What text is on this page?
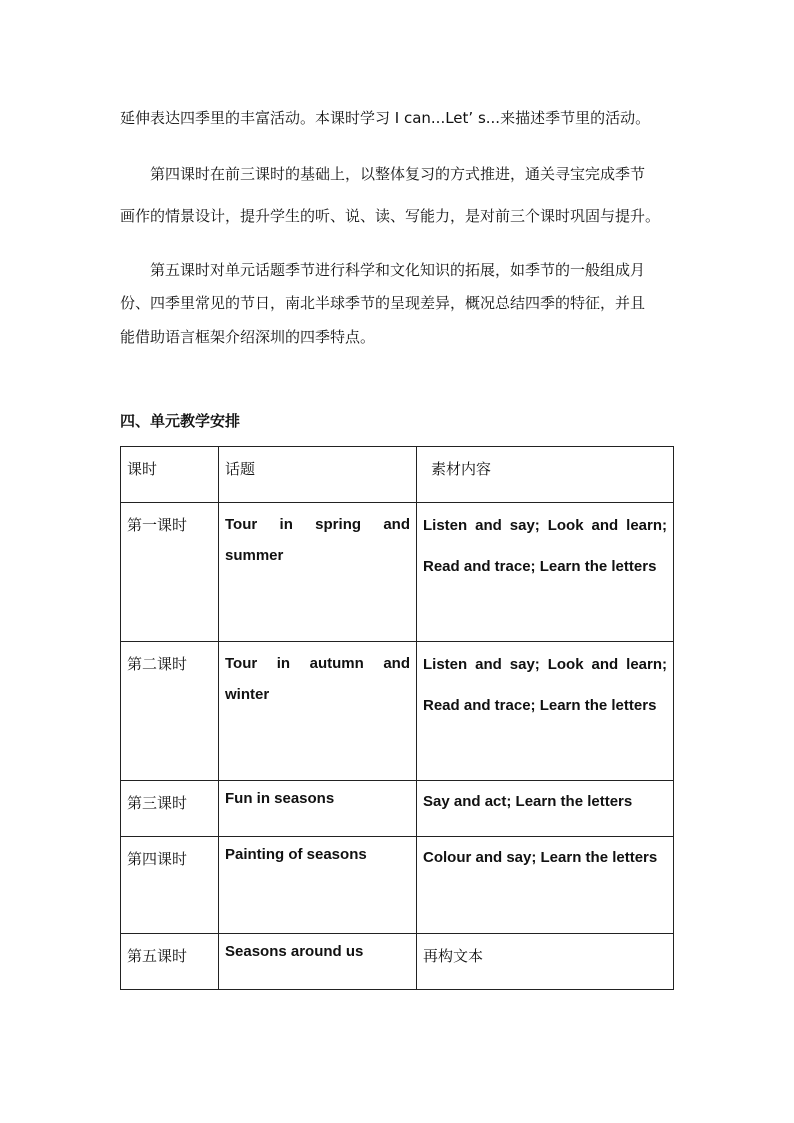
延伸表达四季里的丰富活动。本课时学习 I can...Let’ s...来描述季节里的活动。

第四课时在前三课时的基础上，以整体复习的方式推进，通关寻宝完成季节

画作的情景设计，提升学生的听、说、读、写能力，是对前三个课时巩固与提升。

第五课时对单元话题季节进行科学和文化知识的拓展，如季节的一般组成月

份、四季里常见的节日，南北半球季节的呈现差异，概况总结四季的特征，并且

能借助语言框架介绍深圳的四季特点。

四、单元教学安排

课时	话题	素材内容

第一课时	Tour in spring and summer	Listen and say; Look and learn; Read and trace; Learn the letters

第二课时	Tour in autumn and winter	Listen and say; Look and learn; Read and trace; Learn the letters

第三课时	Fun in seasons	Say and act; Learn the letters

第四课时	Painting of seasons	Colour and say; Learn the letters

第五课时	Seasons around us	再构文本
